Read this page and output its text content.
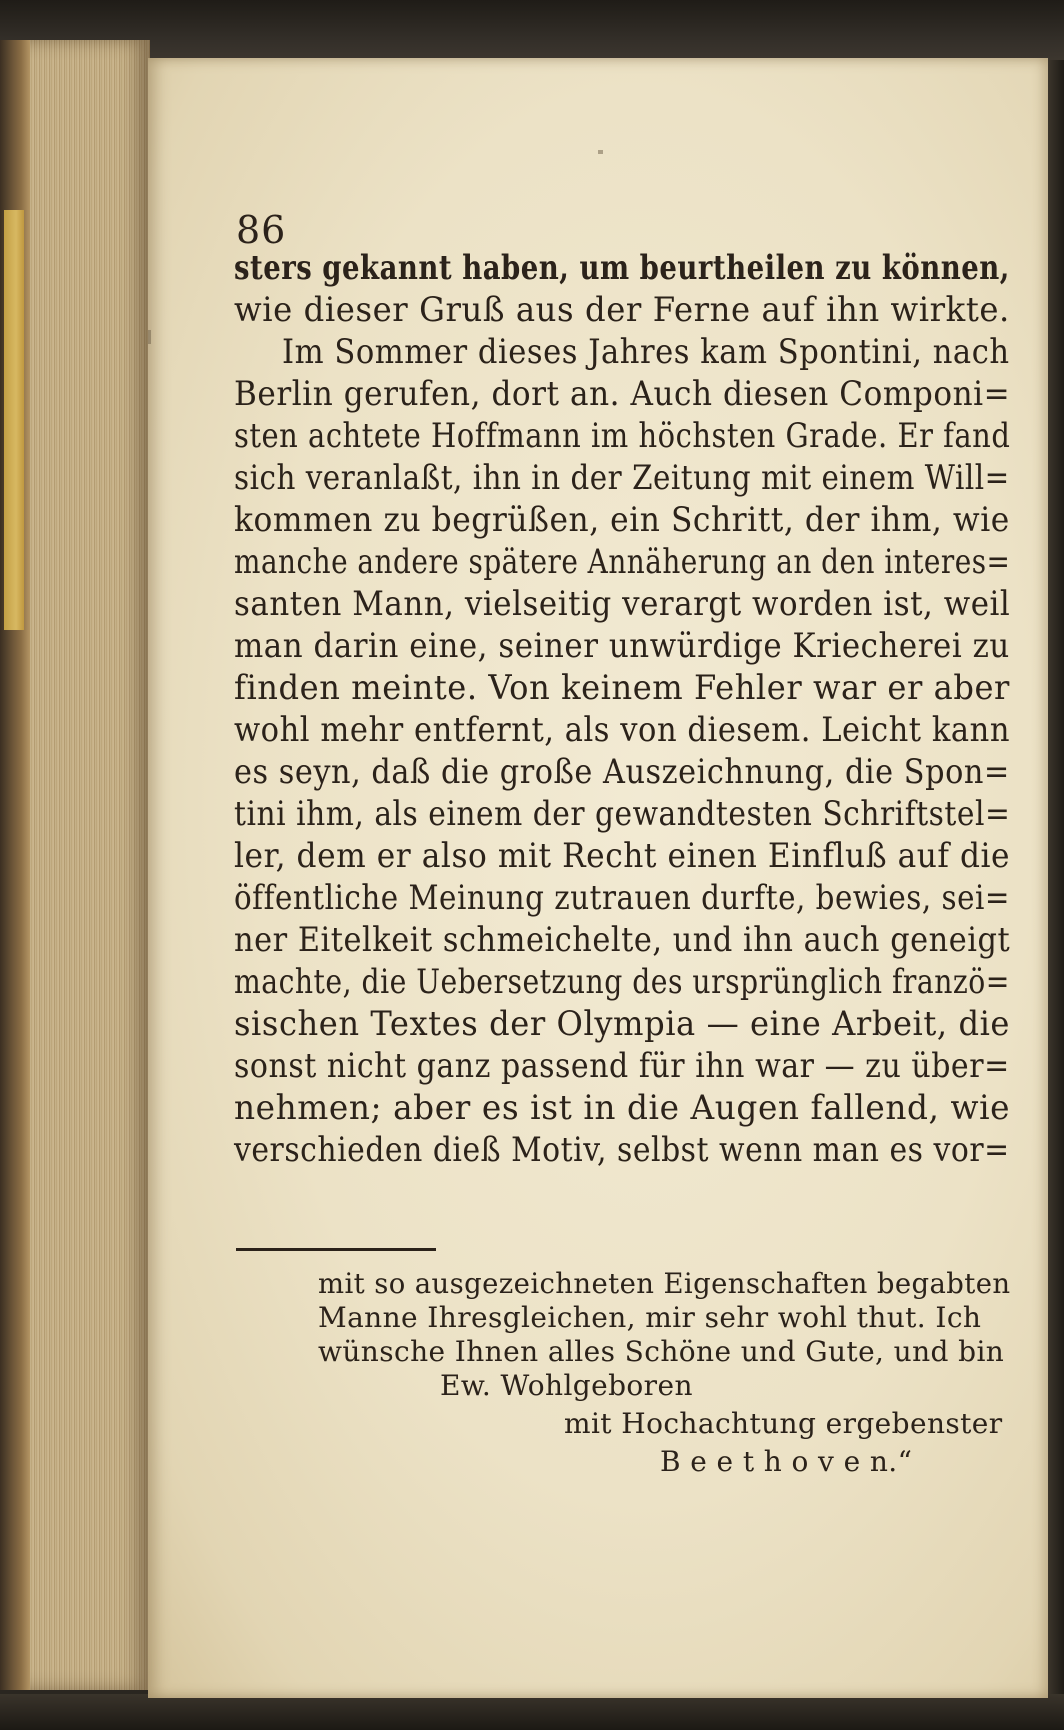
86
sters gekannt haben, um beurtheilen zu können,
wie dieser Gruß aus der Ferne auf ihn wirkte.
Im Sommer dieses Jahres kam Spontini, nach
Berlin gerufen, dort an. Auch diesen Componi=
sten achtete Hoffmann im höchsten Grade. Er fand
sich veranlaßt, ihn in der Zeitung mit einem Will=
kommen zu begrüßen, ein Schritt, der ihm, wie
manche andere spätere Annäherung an den interes=
santen Mann, vielseitig verargt worden ist, weil
man darin eine, seiner unwürdige Kriecherei zu
finden meinte. Von keinem Fehler war er aber
wohl mehr entfernt, als von diesem. Leicht kann
es seyn, daß die große Auszeichnung, die Spon=
tini ihm, als einem der gewandtesten Schriftstel=
ler, dem er also mit Recht einen Einfluß auf die
öffentliche Meinung zutrauen durfte, bewies, sei=
ner Eitelkeit schmeichelte, und ihn auch geneigt
machte, die Uebersetzung des ursprünglich franzö=
sischen Textes der Olympia — eine Arbeit, die
sonst nicht ganz passend für ihn war — zu über=
nehmen; aber es ist in die Augen fallend, wie
verschieden dieß Motiv, selbst wenn man es vor=
mit so ausgezeichneten Eigenschaften begabten
Manne Ihresgleichen, mir sehr wohl thut. Ich
wünsche Ihnen alles Schöne und Gute, und bin
Ew. Wohlgeboren
mit Hochachtung ergebenster
B e e t h o v e n.“
